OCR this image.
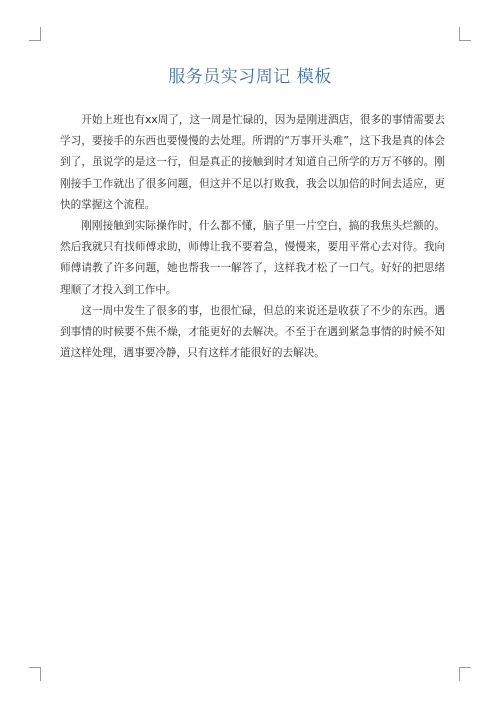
服务员实习周记 模板

开始上班也有xx周了，这一周是忙碌的，因为是刚进酒店，很多的事情需要去学习，要接手的东西也要慢慢的去处理。所谓的“万事开头难”，这下我是真的体会到了，虽说学的是这一行，但是真正的接触到时才知道自己所学的万万不够的。刚刚接手工作就出了很多问题，但这并不足以打败我，我会以加倍的时间去适应，更快的掌握这个流程。

刚刚接触到实际操作时，什么都不懂，脑子里一片空白，搞的我焦头烂额的。然后我就只有找师傅求助，师傅让我不要着急，慢慢来，要用平常心去对待。我向师傅请教了许多问题，她也帮我一一解答了，这样我才松了一口气。好好的把思绪理顺了才投入到工作中。

这一周中发生了很多的事，也很忙碌，但总的来说还是收获了不少的东西。遇到事情的时候要不焦不燥，才能更好的去解决。不至于在遇到紧急事情的时候不知道这样处理，遇事要冷静，只有这样才能很好的去解决。
